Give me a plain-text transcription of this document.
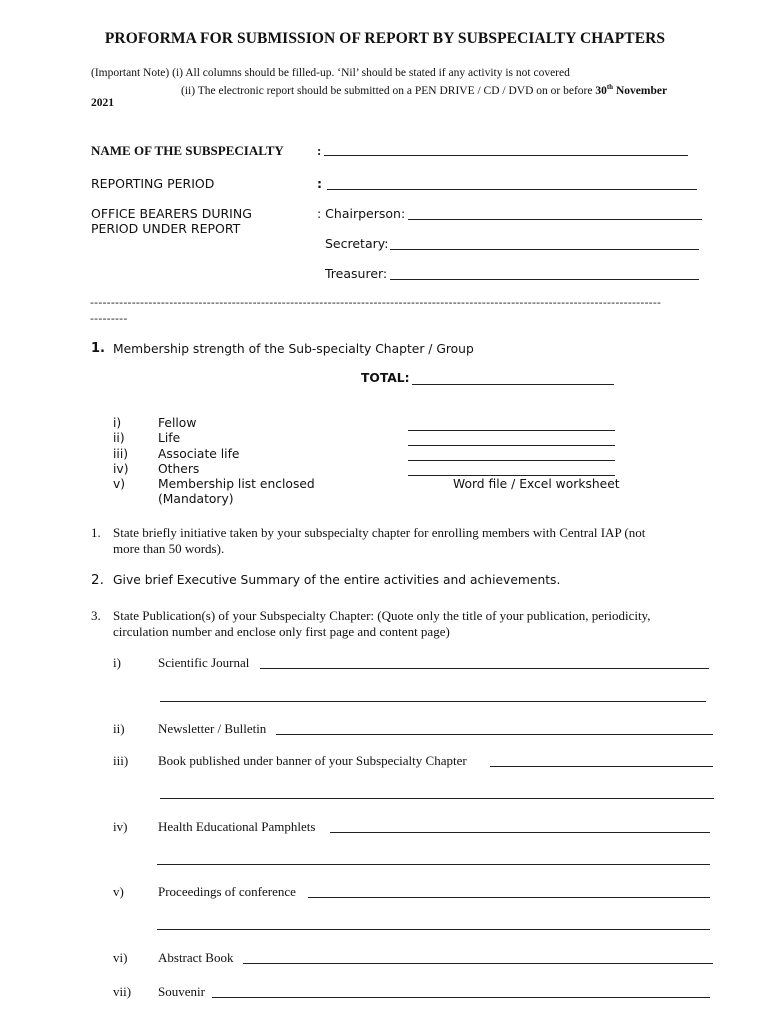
PROFORMA FOR SUBMISSION OF REPORT BY SUBSPECIALTY CHAPTERS
(Important Note) (i) All columns should be filled-up. ‘Nil’ should be stated if any activity is not covered
(ii) The electronic report should be submitted on a PEN DRIVE / CD / DVD on or before 30th November
2021
NAME OF THE SUBSPECIALTY	:
REPORTING PERIOD	:
OFFICE BEARERS DURING
PERIOD UNDER REPORT
: Chairperson:
Secretary:
Treasurer:
-----------------------------------------------------------------------------------------------------------------------------------------
---------
1. Membership strength of the Sub-specialty Chapter / Group
TOTAL:
i)	Fellow
ii)	Life
iii) Associate life
iv) Others
v)	Membership list enclosed
(Mandatory)
Word file / Excel worksheet
1. State briefly initiative taken by your subspecialty chapter for enrolling members with Central IAP (not
more than 50 words).
2. Give brief Executive Summary of the entire activities and achievements.
3. State Publication(s) of your Subspecialty Chapter: (Quote only the title of your publication, periodicity,
circulation number and enclose only first page and content page)
i)	Scientific Journal
ii)	Newsletter / Bulletin
iii) Book published under banner of your Subspecialty Chapter
iv) Health Educational Pamphlets
v)	Proceedings of conference
vi) Abstract Book
vii) Souvenir
